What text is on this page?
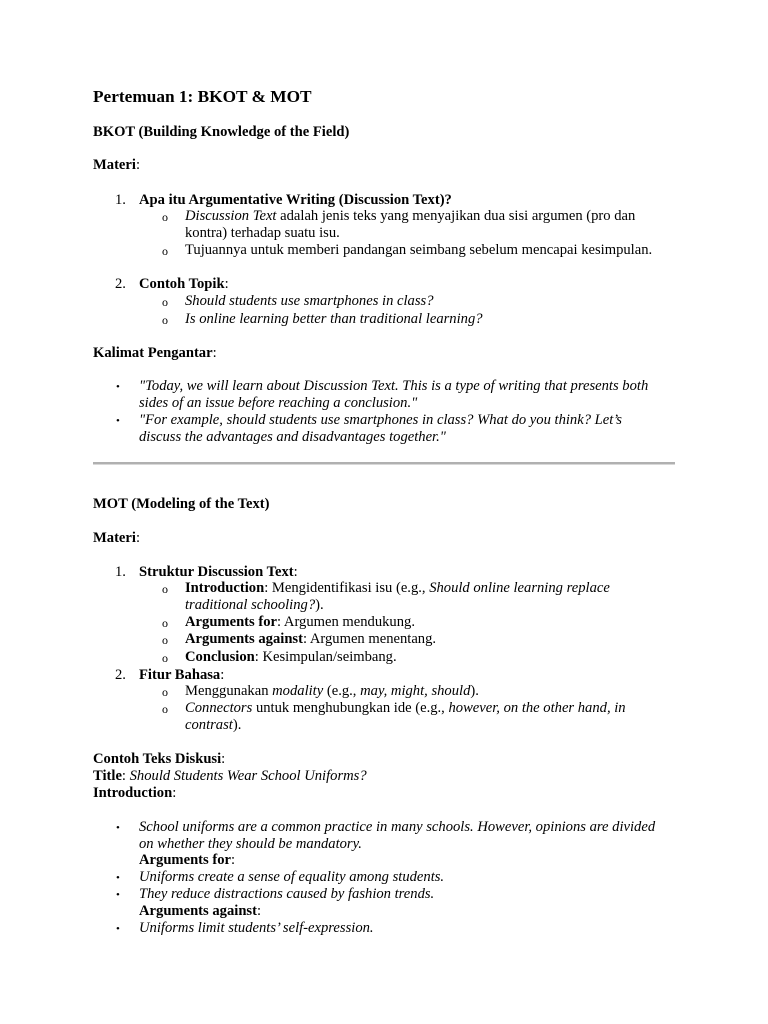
Pertemuan 1: BKOT & MOT
BKOT (Building Knowledge of the Field)
Materi:
1. Apa itu Argumentative Writing (Discussion Text)?
o	Discussion Text adalah jenis teks yang menyajikan dua sisi argumen (pro dan kontra) terhadap suatu isu.
o	Tujuannya untuk memberi pandangan seimbang sebelum mencapai kesimpulan.
2. Contoh Topik:
o	Should students use smartphones in class?
o	Is online learning better than traditional learning?
Kalimat Pengantar:
•	"Today, we will learn about Discussion Text. This is a type of writing that presents both sides of an issue before reaching a conclusion."
•	"For example, should students use smartphones in class? What do you think? Let’s discuss the advantages and disadvantages together."
MOT (Modeling of the Text)
Materi:
1. Struktur Discussion Text:
o	Introduction: Mengidentifikasi isu (e.g., Should online learning replace traditional schooling?).
o	Arguments for: Argumen mendukung.
o	Arguments against: Argumen menentang.
o	Conclusion: Kesimpulan/seimbang.
2. Fitur Bahasa:
o	Menggunakan modality (e.g., may, might, should).
o	Connectors untuk menghubungkan ide (e.g., however, on the other hand, in contrast).
Contoh Teks Diskusi:
Title: Should Students Wear School Uniforms?
Introduction:
•	School uniforms are a common practice in many schools. However, opinions are divided on whether they should be mandatory.
Arguments for:
•	Uniforms create a sense of equality among students.
•	They reduce distractions caused by fashion trends.
Arguments against:
•	Uniforms limit students’ self-expression.
